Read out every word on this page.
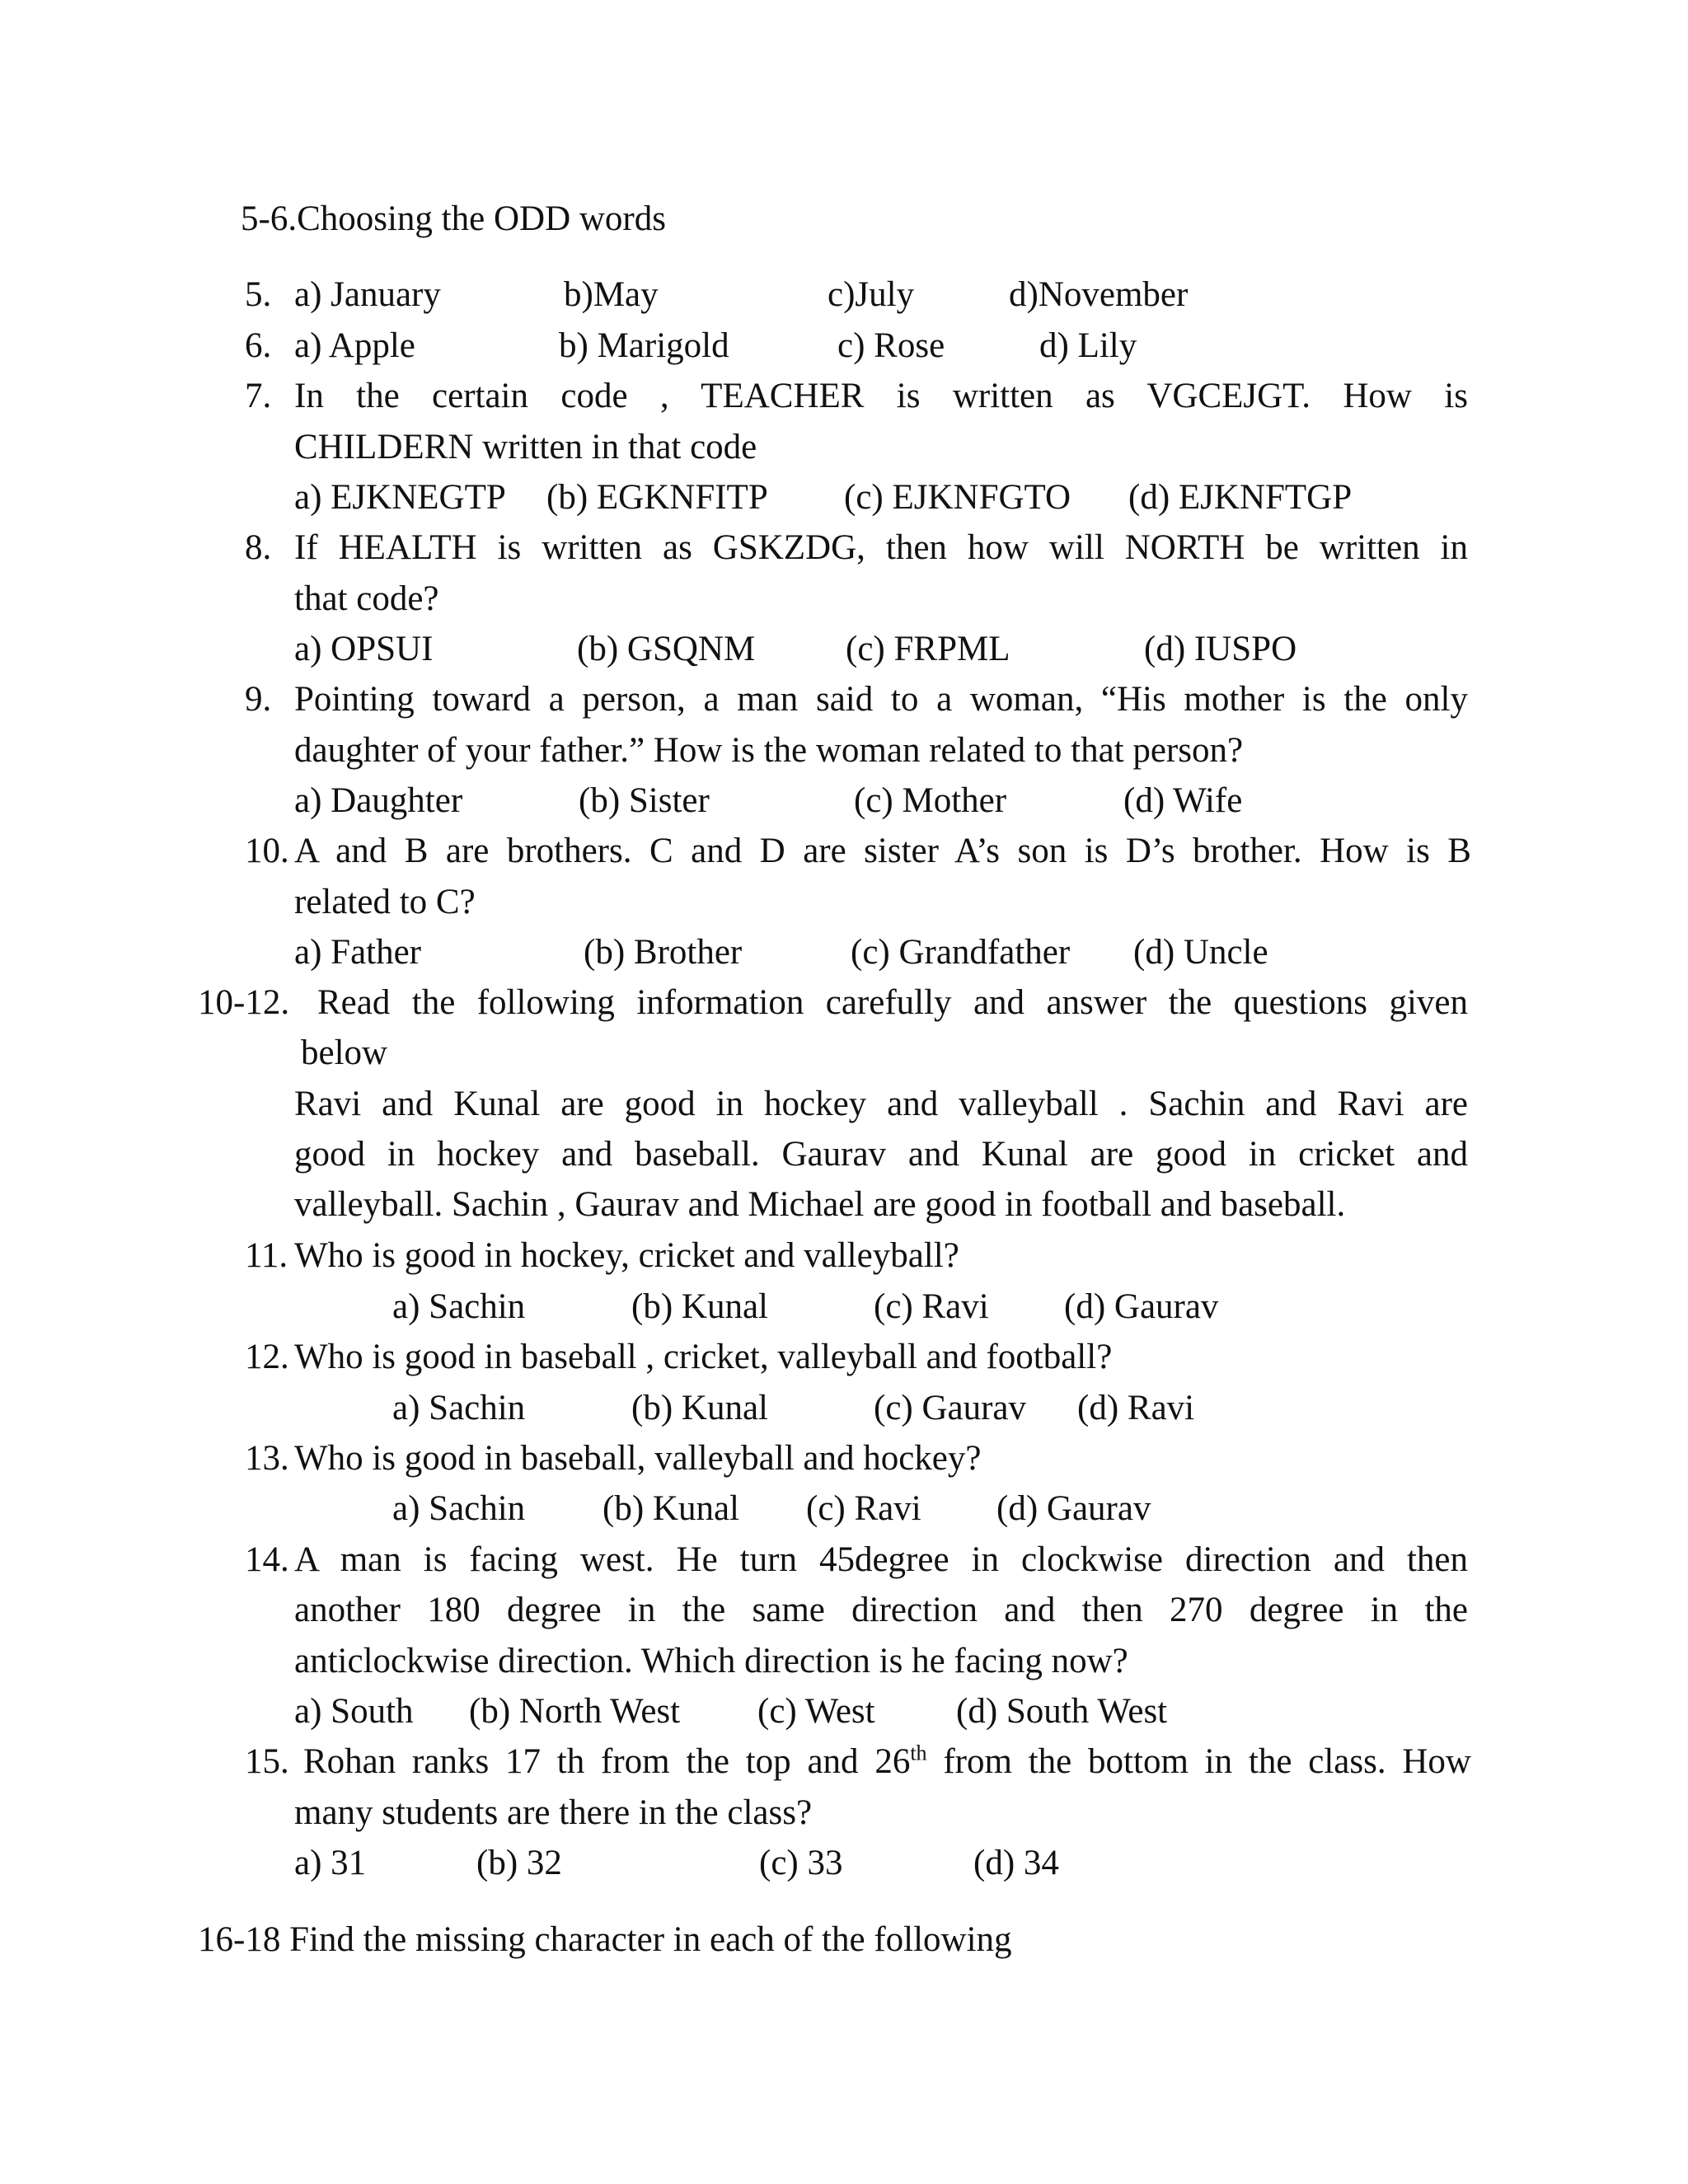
5-6.Choosing the ODD words
5. a) January	b)May	c)July	d)November
6. a) Apple	b) Marigold	c) Rose	d) Lily
7. In the certain code , TEACHER is written as VGCEJGT. How is
CHILDERN written in that code
a) EJKNEGTP (b) EGKNFITP (c) EJKNFGTO (d) EJKNFTGP
8. If HEALTH is written as GSKZDG, then how will NORTH be written in
that code?
a) OPSUI	(b) GSQNM	(c) FRPML	(d) IUSPO
9. Pointing toward a person, a man said to a woman, “His mother is the only
daughter of your father.” How is the woman related to that person?
a) Daughter	(b) Sister	(c) Mother	(d) Wife
10. A and B are brothers. C and D are sister A’s son is D’s brother. How is B
related to C?
a) Father	(b) Brother	(c) Grandfather (d) Uncle
10-12. Read the following information carefully and answer the questions given
below
Ravi and Kunal are good in hockey and valleyball . Sachin and Ravi are
good in hockey and baseball. Gaurav and Kunal are good in cricket and
valleyball. Sachin , Gaurav and Michael are good in football and baseball.
11. Who is good in hockey, cricket and valleyball?
a) Sachin	(b) Kunal	(c) Ravi (d) Gaurav
12. Who is good in baseball , cricket, valleyball and football?
a) Sachin	(b) Kunal	(c) Gaurav (d) Ravi
13. Who is good in baseball, valleyball and hockey?
a) Sachin (b) Kunal (c) Ravi (d) Gaurav
14. A man is facing west. He turn 45degree in clockwise direction and then
another 180 degree in the same direction and then 270 degree in the
anticlockwise direction. Which direction is he facing now?
a) South (b) North West (c) West (d) South West
15. Rohan ranks 17 th from the top and 26th from the bottom in the class. How
many students are there in the class?
a) 31	(b) 32	(c) 33	(d) 34
16-18 Find the missing character in each of the following
